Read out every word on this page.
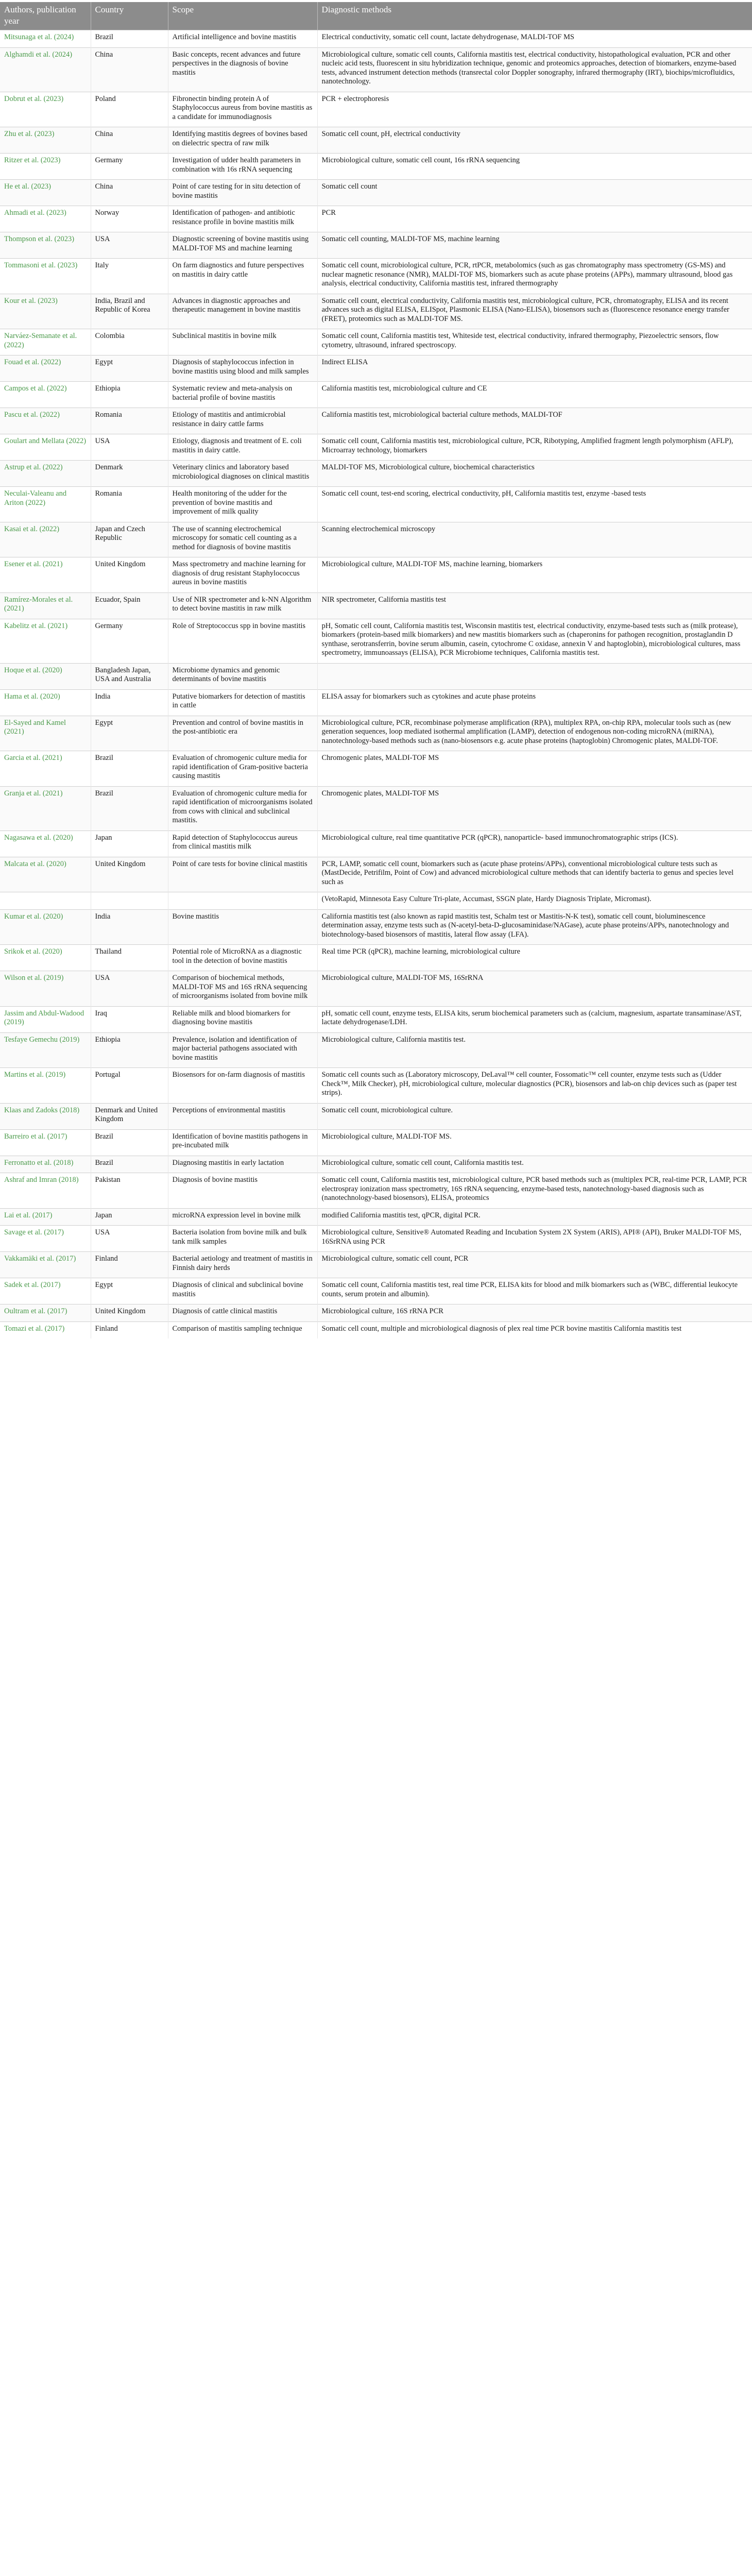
Authors, publication year	Country	Scope	Diagnostic methods
Mitsunaga et al. (2024)	Brazil	Artificial intelligence and bovine mastitis	Electrical conductivity, somatic cell count, lactate dehydrogenase, MALDI-TOF MS
Alghamdi et al. (2024)	China	Basic concepts, recent advances and future perspectives in the diagnosis of bovine mastitis	Microbiological culture, somatic cell counts, California mastitis test, electrical conductivity, histopathological evaluation, PCR and other nucleic acid tests, fluorescent in situ hybridization technique, genomic and proteomics approaches, detection of biomarkers, enzyme-based tests, advanced instrument detection methods (transrectal color Doppler sonography, infrared thermography (IRT), biochips/microfluidics, nanotechnology.
Dobrut et al. (2023)	Poland	Fibronectin binding protein A of Staphylococcus aureus from bovine mastitis as a candidate for immunodiagnosis	PCR + electrophoresis
Zhu et al. (2023)	China	Identifying mastitis degrees of bovines based on dielectric spectra of raw milk	Somatic cell count, pH, electrical conductivity
Ritzer et al. (2023)	Germany	Investigation of udder health parameters in combination with 16s rRNA sequencing	Microbiological culture, somatic cell count, 16s rRNA sequencing
He et al. (2023)	China	Point of care testing for in situ detection of bovine mastitis	Somatic cell count
Ahmadi et al. (2023)	Norway	Identification of pathogen- and antibiotic resistance profile in bovine mastitis milk	PCR
Thompson et al. (2023)	USA	Diagnostic screening of bovine mastitis using MALDI-TOF MS and machine learning	Somatic cell counting, MALDI-TOF MS, machine learning
Tommasoni et al. (2023)	Italy	On farm diagnostics and future perspectives on mastitis in dairy cattle	Somatic cell count, microbiological culture, PCR, rtPCR, metabolomics (such as gas chromatography mass spectrometry (GS-MS) and nuclear magnetic resonance (NMR), MALDI-TOF MS, biomarkers such as acute phase proteins (APPs), mammary ultrasound, blood gas analysis, electrical conductivity, California mastitis test, infrared thermography
Kour et al. (2023)	India, Brazil and Republic of Korea	Advances in diagnostic approaches and therapeutic management in bovine mastitis	Somatic cell count, electrical conductivity, California mastitis test, microbiological culture, PCR, chromatography, ELISA and its recent advances such as digital ELISA, ELISpot, Plasmonic ELISA (Nano-ELISA), biosensors such as (fluorescence resonance energy transfer (FRET), proteomics such as MALDI-TOF MS.
Narváez-Semanate et al. (2022)	Colombia	Subclinical mastitis in bovine milk	Somatic cell count, California mastitis test, Whiteside test, electrical conductivity, infrared thermography, Piezoelectric sensors, flow cytometry, ultrasound, infrared spectroscopy.
Fouad et al. (2022)	Egypt	Diagnosis of staphylococcus infection in bovine mastitis using blood and milk samples	Indirect ELISA
Campos et al. (2022)	Ethiopia	Systematic review and meta-analysis on bacterial profile of bovine mastitis	California mastitis test, microbiological culture and CE
Pascu et al. (2022)	Romania	Etiology of mastitis and antimicrobial resistance in dairy cattle farms	California mastitis test, microbiological bacterial culture methods, MALDI-TOF
Goulart and Mellata (2022)	USA	Etiology, diagnosis and treatment of E. coli mastitis in dairy cattle.	Somatic cell count, California mastitis test, microbiological culture, PCR, Ribotyping, Amplified fragment length polymorphism (AFLP), Microarray technology, biomarkers
Astrup et al. (2022)	Denmark	Veterinary clinics and laboratory based microbiological diagnoses on clinical mastitis	MALDI-TOF MS, Microbiological culture, biochemical characteristics
Neculai-Valeanu and Ariton (2022)	Romania	Health monitoring of the udder for the prevention of bovine mastitis and improvement of milk quality	Somatic cell count, test-end scoring, electrical conductivity, pH, California mastitis test, enzyme -based tests
Kasai et al. (2022)	Japan and Czech Republic	The use of scanning electrochemical microscopy for somatic cell counting as a method for diagnosis of bovine mastitis	Scanning electrochemical microscopy
Esener et al. (2021)	United Kingdom	Mass spectrometry and machine learning for diagnosis of drug resistant Staphylococcus aureus in bovine mastitis	Microbiological culture, MALDI-TOF MS, machine learning, biomarkers
Ramírez-Morales et al. (2021)	Ecuador, Spain	Use of NIR spectrometer and k-NN Algorithm to detect bovine mastitis in raw milk	NIR spectrometer, California mastitis test
Kabelitz et al. (2021)	Germany	Role of Streptococcus spp in bovine mastitis	pH, Somatic cell count, California mastitis test, Wisconsin mastitis test, electrical conductivity, enzyme-based tests such as (milk protease), biomarkers (protein-based milk biomarkers) and new mastitis biomarkers such as (chaperonins for pathogen recognition, prostaglandin D synthase, serotransferrin, bovine serum albumin, casein, cytochrome C oxidase, annexin V and haptoglobin), microbiological cultures, mass spectrometry, immunoassays (ELISA), PCR Microbiome techniques, California mastitis test.
Hoque et al. (2020)	Bangladesh Japan, USA and Australia	Microbiome dynamics and genomic determinants of bovine mastitis	
Hama et al. (2020)	India	Putative biomarkers for detection of mastitis in cattle	ELISA assay for biomarkers such as cytokines and acute phase proteins
El-Sayed and Kamel (2021)	Egypt	Prevention and control of bovine mastitis in the post-antibiotic era	Microbiological culture, PCR, recombinase polymerase amplification (RPA), multiplex RPA, on-chip RPA, molecular tools such as (new generation sequences, loop mediated isothermal amplification (LAMP), detection of endogenous non-coding microRNA (miRNA), nanotechnology-based methods such as (nano-biosensors e.g. acute phase proteins (haptoglobin) Chromogenic plates, MALDI-TOF.
Garcia et al. (2021)	Brazil	Evaluation of chromogenic culture media for rapid identification of Gram-positive bacteria causing mastitis	Chromogenic plates, MALDI-TOF MS
Granja et al. (2021)	Brazil	Evaluation of chromogenic culture media for rapid identification of microorganisms isolated from cows with clinical and subclinical mastitis.	Chromogenic plates, MALDI-TOF MS
Nagasawa et al. (2020)	Japan	Rapid detection of Staphylococcus aureus from clinical mastitis milk	Microbiological culture, real time quantitative PCR (qPCR), nanoparticle- based immunochromatographic strips (ICS).
Malcata et al. (2020)	United Kingdom	Point of care tests for bovine clinical mastitis	PCR, LAMP, somatic cell count, biomarkers such as (acute phase proteins/APPs), conventional microbiological culture tests such as (MastDecide, Petrifilm, Point of Cow) and advanced microbiological culture methods that can identify bacteria to genus and species level such as
			(VetoRapid, Minnesota Easy Culture Tri-plate, Accumast, SSGN plate, Hardy Diagnosis Triplate, Micromast).
Kumar et al. (2020)	India	Bovine mastitis	California mastitis test (also known as rapid mastitis test, Schalm test or Mastitis-N-K test), somatic cell count, bioluminescence determination assay, enzyme tests such as (N-acetyl-beta-D-glucosaminidase/NAGase), acute phase proteins/APPs, nanotechnology and biotechnology-based biosensors of mastitis, lateral flow assay (LFA).
Srikok et al. (2020)	Thailand	Potential role of MicroRNA as a diagnostic tool in the detection of bovine mastitis	Real time PCR (qPCR), machine learning, microbiological culture
Wilson et al. (2019)	USA	Comparison of biochemical methods, MALDI-TOF MS and 16S rRNA sequencing of microorganisms isolated from bovine milk	Microbiological culture, MALDI-TOF MS, 16SrRNA
Jassim and Abdul-Wadood (2019)	Iraq	Reliable milk and blood biomarkers for diagnosing bovine mastitis	pH, somatic cell count, enzyme tests, ELISA kits, serum biochemical parameters such as (calcium, magnesium, aspartate transaminase/AST, lactate dehydrogenase/LDH.
Tesfaye Gemechu (2019)	Ethiopia	Prevalence, isolation and identification of major bacterial pathogens associated with bovine mastitis	Microbiological culture, California mastitis test.
Martins et al. (2019)	Portugal	Biosensors for on-farm diagnosis of mastitis	Somatic cell counts such as (Laboratory microscopy, DeLaval™ cell counter, Fossomatic™ cell counter, enzyme tests such as (Udder Check™, Milk Checker), pH, microbiological culture, molecular diagnostics (PCR), biosensors and lab-on chip devices such as (paper test strips).
Klaas and Zadoks (2018)	Denmark and United Kingdom	Perceptions of environmental mastitis	Somatic cell count, microbiological culture.
Barreiro et al. (2017)	Brazil	Identification of bovine mastitis pathogens in pre-incubated milk	Microbiological culture, MALDI-TOF MS.
Ferronatto et al. (2018)	Brazil	Diagnosing mastitis in early lactation	Microbiological culture, somatic cell count, California mastitis test.
Ashraf and Imran (2018)	Pakistan	Diagnosis of bovine mastitis	Somatic cell count, California mastitis test, microbiological culture, PCR based methods such as (multiplex PCR, real-time PCR, LAMP, PCR electrospray ionization mass spectrometry, 16S rRNA sequencing, enzyme-based tests, nanotechnology-based diagnosis such as (nanotechnology-based biosensors), ELISA, proteomics
Lai et al. (2017)	Japan	microRNA expression level in bovine milk	modified California mastitis test, qPCR, digital PCR.
Savage et al. (2017)	USA	Bacteria isolation from bovine milk and bulk tank milk samples	Microbiological culture, Sensitive® Automated Reading and Incubation System 2X System (ARIS), API® (API), Bruker MALDI-TOF MS, 16SrRNA using PCR
Vakkamäki et al. (2017)	Finland	Bacterial aetiology and treatment of mastitis in Finnish dairy herds	Microbiological culture, somatic cell count, PCR
Sadek et al. (2017)	Egypt	Diagnosis of clinical and subclinical bovine mastitis	Somatic cell count, California mastitis test, real time PCR, ELISA kits for blood and milk biomarkers such as (WBC, differential leukocyte counts, serum protein and albumin).
Oultram et al. (2017)	United Kingdom	Diagnosis of cattle clinical mastitis	Microbiological culture, 16S rRNA PCR
Tomazi et al. (2017)	Finland	Comparison of mastitis sampling technique	Somatic cell count, multiple and microbiological diagnosis of plex real time PCR bovine mastitis California mastitis test
